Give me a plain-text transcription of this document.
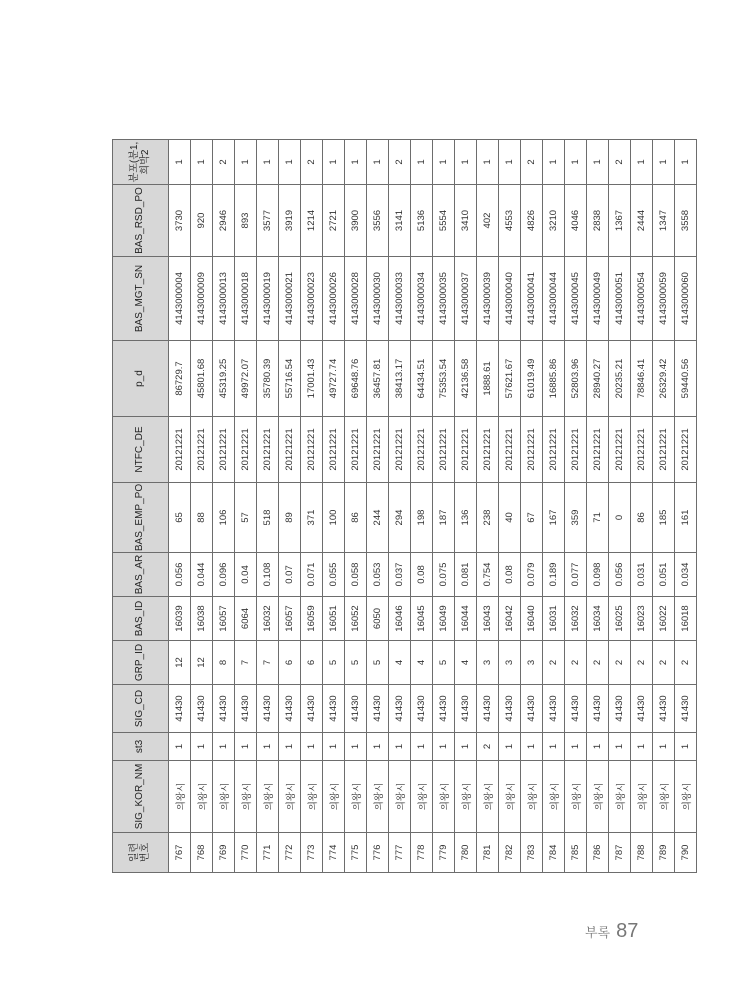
일련
번호	SIG_KOR_NM	st3	SIG_CD	GRP_ID	BAS_ID	BAS_AR	BAS_EMP_PO	NTFC_DE	p_d	BAS_MGT_SN	BAS_RSD_PO	분포(분1,
희박2
767	의왕시	1	41430	12	16039	0.056	65	20121221	86729.7	4143000004	3730	1
768	의왕시	1	41430	12	16038	0.044	88	20121221	45801.68	4143000009	920	1
769	의왕시	1	41430	8	16057	0.096	106	20121221	45319.25	4143000013	2946	2
770	의왕시	1	41430	7	6064	0.04	57	20121221	49972.07	4143000018	893	1
771	의왕시	1	41430	7	16032	0.108	518	20121221	35780.39	4143000019	3577	1
772	의왕시	1	41430	6	16057	0.07	89	20121221	55716.54	4143000021	3919	1
773	의왕시	1	41430	6	16059	0.071	371	20121221	17001.43	4143000023	1214	2
774	의왕시	1	41430	5	16051	0.055	100	20121221	49727.74	4143000026	2721	1
775	의왕시	1	41430	5	16052	0.058	86	20121221	69648.76	4143000028	3900	1
776	의왕시	1	41430	5	6050	0.053	244	20121221	36457.81	4143000030	3556	1
777	의왕시	1	41430	4	16046	0.037	294	20121221	38413.17	4143000033	3141	2
778	의왕시	1	41430	4	16045	0.08	198	20121221	64434.51	4143000034	5136	1
779	의왕시	1	41430	5	16049	0.075	187	20121221	75353.54	4143000035	5554	1
780	의왕시	1	41430	4	16044	0.081	136	20121221	42136.58	4143000037	3410	1
781	의왕시	2	41430	3	16043	0.754	238	20121221	1888.61	4143000039	402	1
782	의왕시	1	41430	3	16042	0.08	40	20121221	57621.67	4143000040	4553	1
783	의왕시	1	41430	3	16040	0.079	67	20121221	61019.49	4143000041	4826	2
784	의왕시	1	41430	2	16031	0.189	167	20121221	16885.86	4143000044	3210	1
785	의왕시	1	41430	2	16032	0.077	359	20121221	52803.96	4143000045	4046	1
786	의왕시	1	41430	2	16034	0.098	71	20121221	28940.27	4143000049	2838	1
787	의왕시	1	41430	2	16025	0.056	0	20121221	20235.21	4143000051	1367	2
788	의왕시	1	41430	2	16023	0.031	86	20121221	78846.41	4143000054	2444	1
789	의왕시	1	41430	2	16022	0.051	185	20121221	26329.42	4143000059	1347	1
790	의왕시	1	41430	2	16018	0.034	161	20121221	59440.56	4143000060	3558	1
부록 87
